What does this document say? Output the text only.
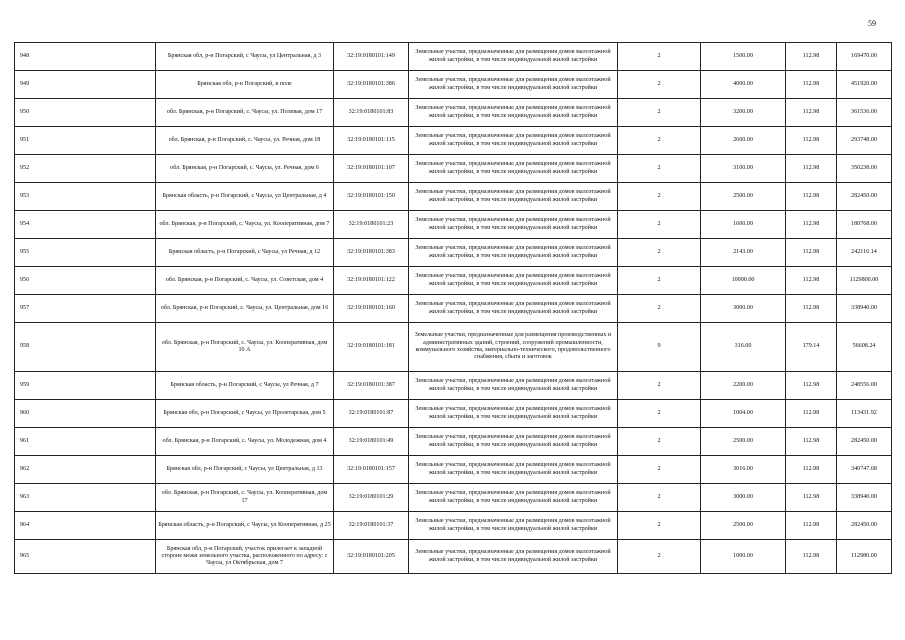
59
948	Брянская обл, р-н Погарский, с Чаусы, ул Центральная, д 3	32:19:0180101:149	Земельные участки, предназначенные для размещения домов малоэтажной жилой застройки, в том числе индивидуальной жилой застройки	2	1500.00	112.98	169470.00
949	Брянская обл, р-н Погарский, в поле	32:19:0180101:386	Земельные участки, предназначенные для размещения домов малоэтажной жилой застройки, в том числе индивидуальной жилой застройки	2	4000.00	112.98	451920.00
950	обл. Брянская, р-н Погарский, с. Чаусы, ул. Полевая, дом 17	32:19:0180101:83	Земельные участки, предназначенные для размещения домов малоэтажной жилой застройки, в том числе индивидуальной жилой застройки	2	3200.00	112.98	361536.00
951	обл. Брянская, р-н Погарский, с. Чаусы, ул. Речная, дом 18	32:19:0180101:115	Земельные участки, предназначенные для размещения домов малоэтажной жилой застройки, в том числе индивидуальной жилой застройки	2	2600.00	112.98	293748.00
952	обл. Брянская, р-н Погарский, с. Чаусы, ул. Речная, дом 6	32:19:0180101:107	Земельные участки, предназначенные для размещения домов малоэтажной жилой застройки, в том числе индивидуальной жилой застройки	2	3100.00	112.98	350238.00
953	Брянская область, р-н Погарский, с Чаусы, ул Центральная, д 4	32:19:0180101:150	Земельные участки, предназначенные для размещения домов малоэтажной жилой застройки, в том числе индивидуальной жилой застройки	2	2500.00	112.98	282450.00
954	обл. Брянская, р-н Погарский, с. Чаусы, ул. Кооперативная, дом 7	32:19:0180101:23	Земельные участки, предназначенные для размещения домов малоэтажной жилой застройки, в том числе индивидуальной жилой застройки	2	1600.00	112.98	180768.00
955	Брянская область, р-н Погарский, с Чаусы, ул Речная, д 12	32:19:0180101:383	Земельные участки, предназначенные для размещения домов малоэтажной жилой застройки, в том числе индивидуальной жилой застройки	2	2143.00	112.98	242116.14
956	обл. Брянская, р-н Погарский, с. Чаусы, ул. Советская, дом 4	32:19:0180101:122	Земельные участки, предназначенные для размещения домов малоэтажной жилой застройки, в том числе индивидуальной жилой застройки	2	10000.00	112.98	1129800.00
957	обл. Брянская, р-н Погарский, с. Чаусы, ул. Центральная, дом 16	32:19:0180101:160	Земельные участки, предназначенные для размещения домов малоэтажной жилой застройки, в том числе индивидуальной жилой застройки	2	3000.00	112.98	338940.00
958	обл. Брянская, р-н Погарский, с. Чаусы, ул. Кооперативная, дом 10 А	32:19:0180101:181	Земельные участки, предназначенные для размещения производственных и административных зданий, строений, сооружений промышленности, коммунального хозяйства, материально-технического, продовольственного снабжения, сбыта и заготовок	9	316.00	179.14	56608.24
959	Брянская область, р-н Погарский, с Чаусы, ул Речная, д 7	32:19:0180101:387	Земельные участки, предназначенные для размещения домов малоэтажной жилой застройки, в том числе индивидуальной жилой застройки	2	2200.00	112.98	248556.00
960	Брянская обл, р-н Погарский, с Чаусы, ул Пролетарская, дом 5	32:19:0180101:87	Земельные участки, предназначенные для размещения домов малоэтажной жилой застройки, в том числе индивидуальной жилой застройки	2	1004.00	112.98	113431.92
961	обл. Брянская, р-н Погарский, с. Чаусы, ул. Молодежная, дом 4	32:19:0180101:49	Земельные участки, предназначенные для размещения домов малоэтажной жилой застройки, в том числе индивидуальной жилой застройки	2	2500.00	112.98	282450.00
962	Брянская обл, р-н Погарский, с Чаусы, ул Центральная, д 13	32:19:0180101:157	Земельные участки, предназначенные для размещения домов малоэтажной жилой застройки, в том числе индивидуальной жилой застройки	2	3016.00	112.98	340747.68
963	обл. Брянская, р-н Погарский, с. Чаусы, ул. Кооперативная, дом 17	32:19:0180101:29	Земельные участки, предназначенные для размещения домов малоэтажной жилой застройки, в том числе индивидуальной жилой застройки	2	3000.00	112.98	338940.00
964	Брянская область, р-н Погарский, с Чаусы, ул Кооперативная, д 25	32:19:0180101:37	Земельные участки, предназначенные для размещения домов малоэтажной жилой застройки, в том числе индивидуальной жилой застройки	2	2500.00	112.98	282450.00
965	Брянская обл, р-н Погарский, участок прилегает к западной стороне межи земельного участка, расположенного по адресу: с Чаусы, ул Октябрьская, дом 7	32:19:0180101:205	Земельные участки, предназначенные для размещения домов малоэтажной жилой застройки, в том числе индивидуальной жилой застройки	2	1000.00	112.98	112980.00
